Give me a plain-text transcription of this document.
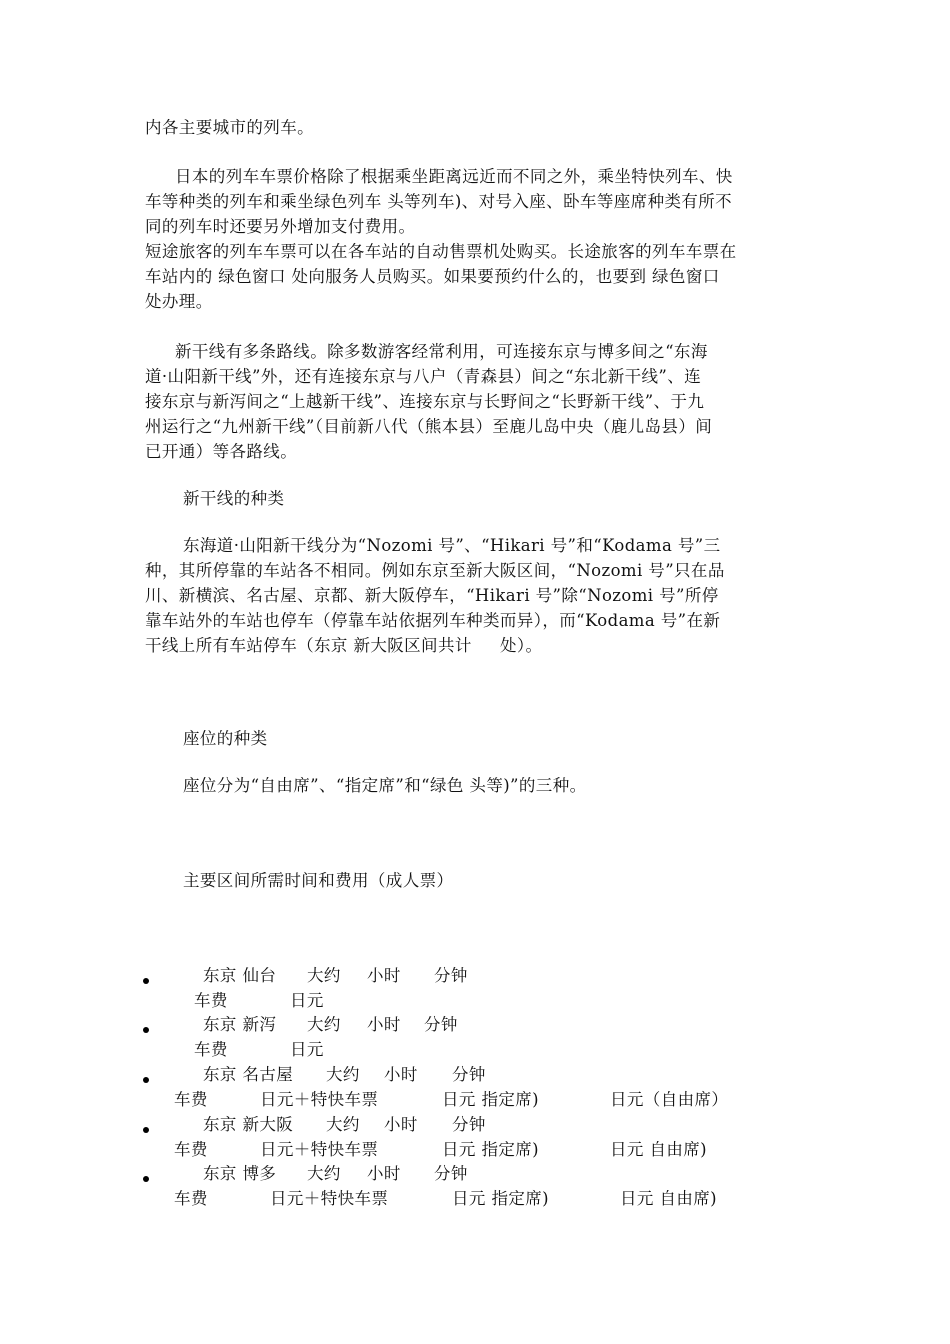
内各主要城市的列车。
日本的列车车票价格除了根据乘坐距离远近而不同之外，乘坐特快列车、快
车等种类的列车和乘坐绿色列车 头等列车)、对号入座、卧车等座席种类有所不
同的列车时还要另外增加支付费用。
短途旅客的列车车票可以在各车站的自动售票机处购买。长途旅客的列车车票在
车站内的 绿色窗口 处向服务人员购买。如果要预约什么的，也要到 绿色窗口
处办理。
新干线有多条路线。除多数游客经常利用，可连接东京与博多间之“东海
道·山阳新干线”外，还有连接东京与八户（青森县）间之“东北新干线”、连
接东京与新泻间之“上越新干线”、连接东京与长野间之“长野新干线”、于九
州运行之“九州新干线”（目前新八代（熊本县）至鹿儿岛中央（鹿儿岛县）间
已开通）等各路线。
新干线的种类
东海道·山阳新干线分为“Nozomi 号”、“Hikari 号”和“Kodama 号”三
种，其所停靠的车站各不相同。例如东京至新大阪区间，“Nozomi 号”只在品
川、新横滨、名古屋、京都、新大阪停车，“Hikari 号”除“Nozomi 号”所停
靠车站外的车站也停车（停靠车站依据列车种类而异），而“Kodama 号”在新
干线上所有车站停车（东京 新大阪区间共计     处）。
座位的种类
座位分为“自由席”、“指定席”和“绿色 头等)”的三种。
主要区间所需时间和费用（成人票）
东京 仙台 大约 小时 分钟
车费	日元
东京 新泻 大约 小时 分钟
车费	日元
东京 名古屋 大约 小时 分钟
车费	日元＋特快车票	日元 指定席)	日元（自由席）
东京 新大阪 大约 小时 分钟
车费	日元＋特快车票	日元 指定席)	日元 自由席)
东京 博多 大约 小时 分钟
车费	日元＋特快车票	日元 指定席)	日元 自由席)
